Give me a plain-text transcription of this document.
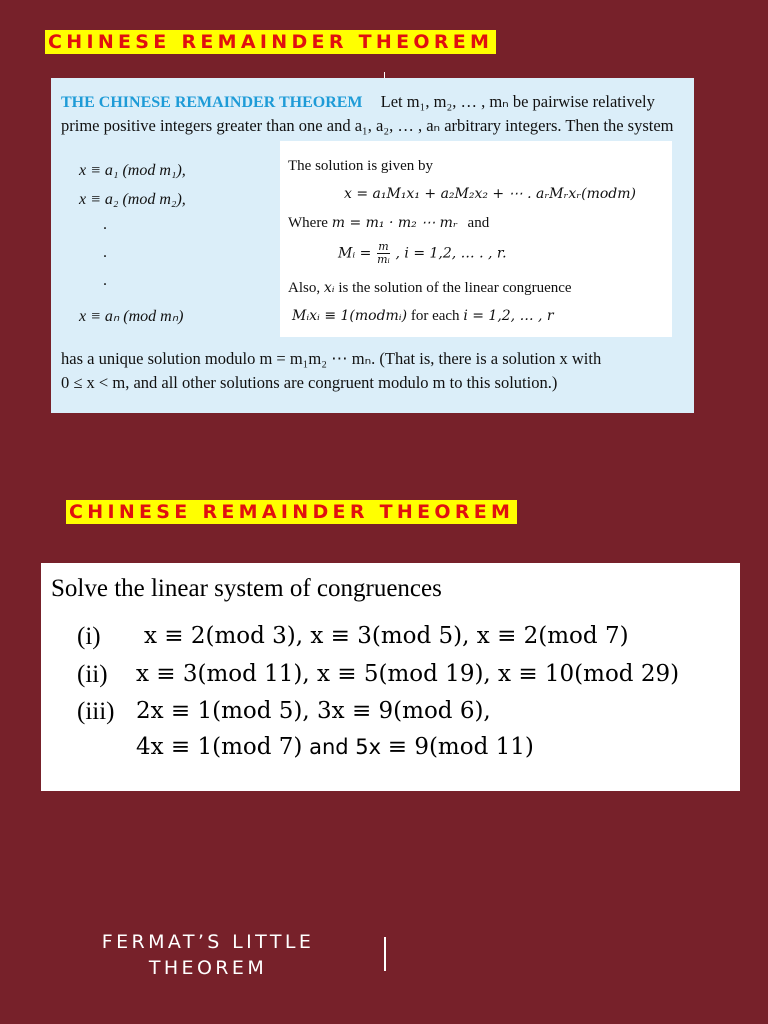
CHINESE REMAINDER THEOREM
THE CHINESE REMAINDER THEOREM Let m₁, m₂, … , mₙ be pairwise relatively
prime positive integers greater than one and a₁, a₂, … , aₙ arbitrary integers. Then the system
x ≡ a₁ (mod m₁),
x ≡ a₂ (mod m₂),
.
.
.
x ≡ aₙ (mod mₙ)
The solution is given by
x = a₁M₁x₁ + a₂M₂x₂ + ⋯ . aᵣMᵣxᵣ(modm)
Where m = m₁ · m₂ ⋯ mᵣ and
Mᵢ = $\frac{m}{\text{mᵢ}}$ , i = 1,2, … . , r.
Also, xᵢ is the solution of the linear congruence
Mᵢxᵢ ≡ 1(modmᵢ) for each i = 1,2, … , r
has a unique solution modulo m = m₁m₂ ⋯ mₙ. (That is, there is a solution x with
0 ≤ x < m, and all other solutions are congruent modulo m to this solution.)
CHINESE REMAINDER THEOREM
Solve the linear system of congruences
(i) x ≡ 2(mod 3), x ≡ 3(mod 5), x ≡ 2(mod 7)
(ii) x ≡ 3(mod 11), x ≡ 5(mod 19), x ≡ 10(mod 29)
(iii) 2x ≡ 1(mod 5), 3x ≡ 9(mod 6),
4x ≡ 1(mod 7) and 5x ≡ 9(mod 11)
FERMAT’S LITTLE THEOREM
